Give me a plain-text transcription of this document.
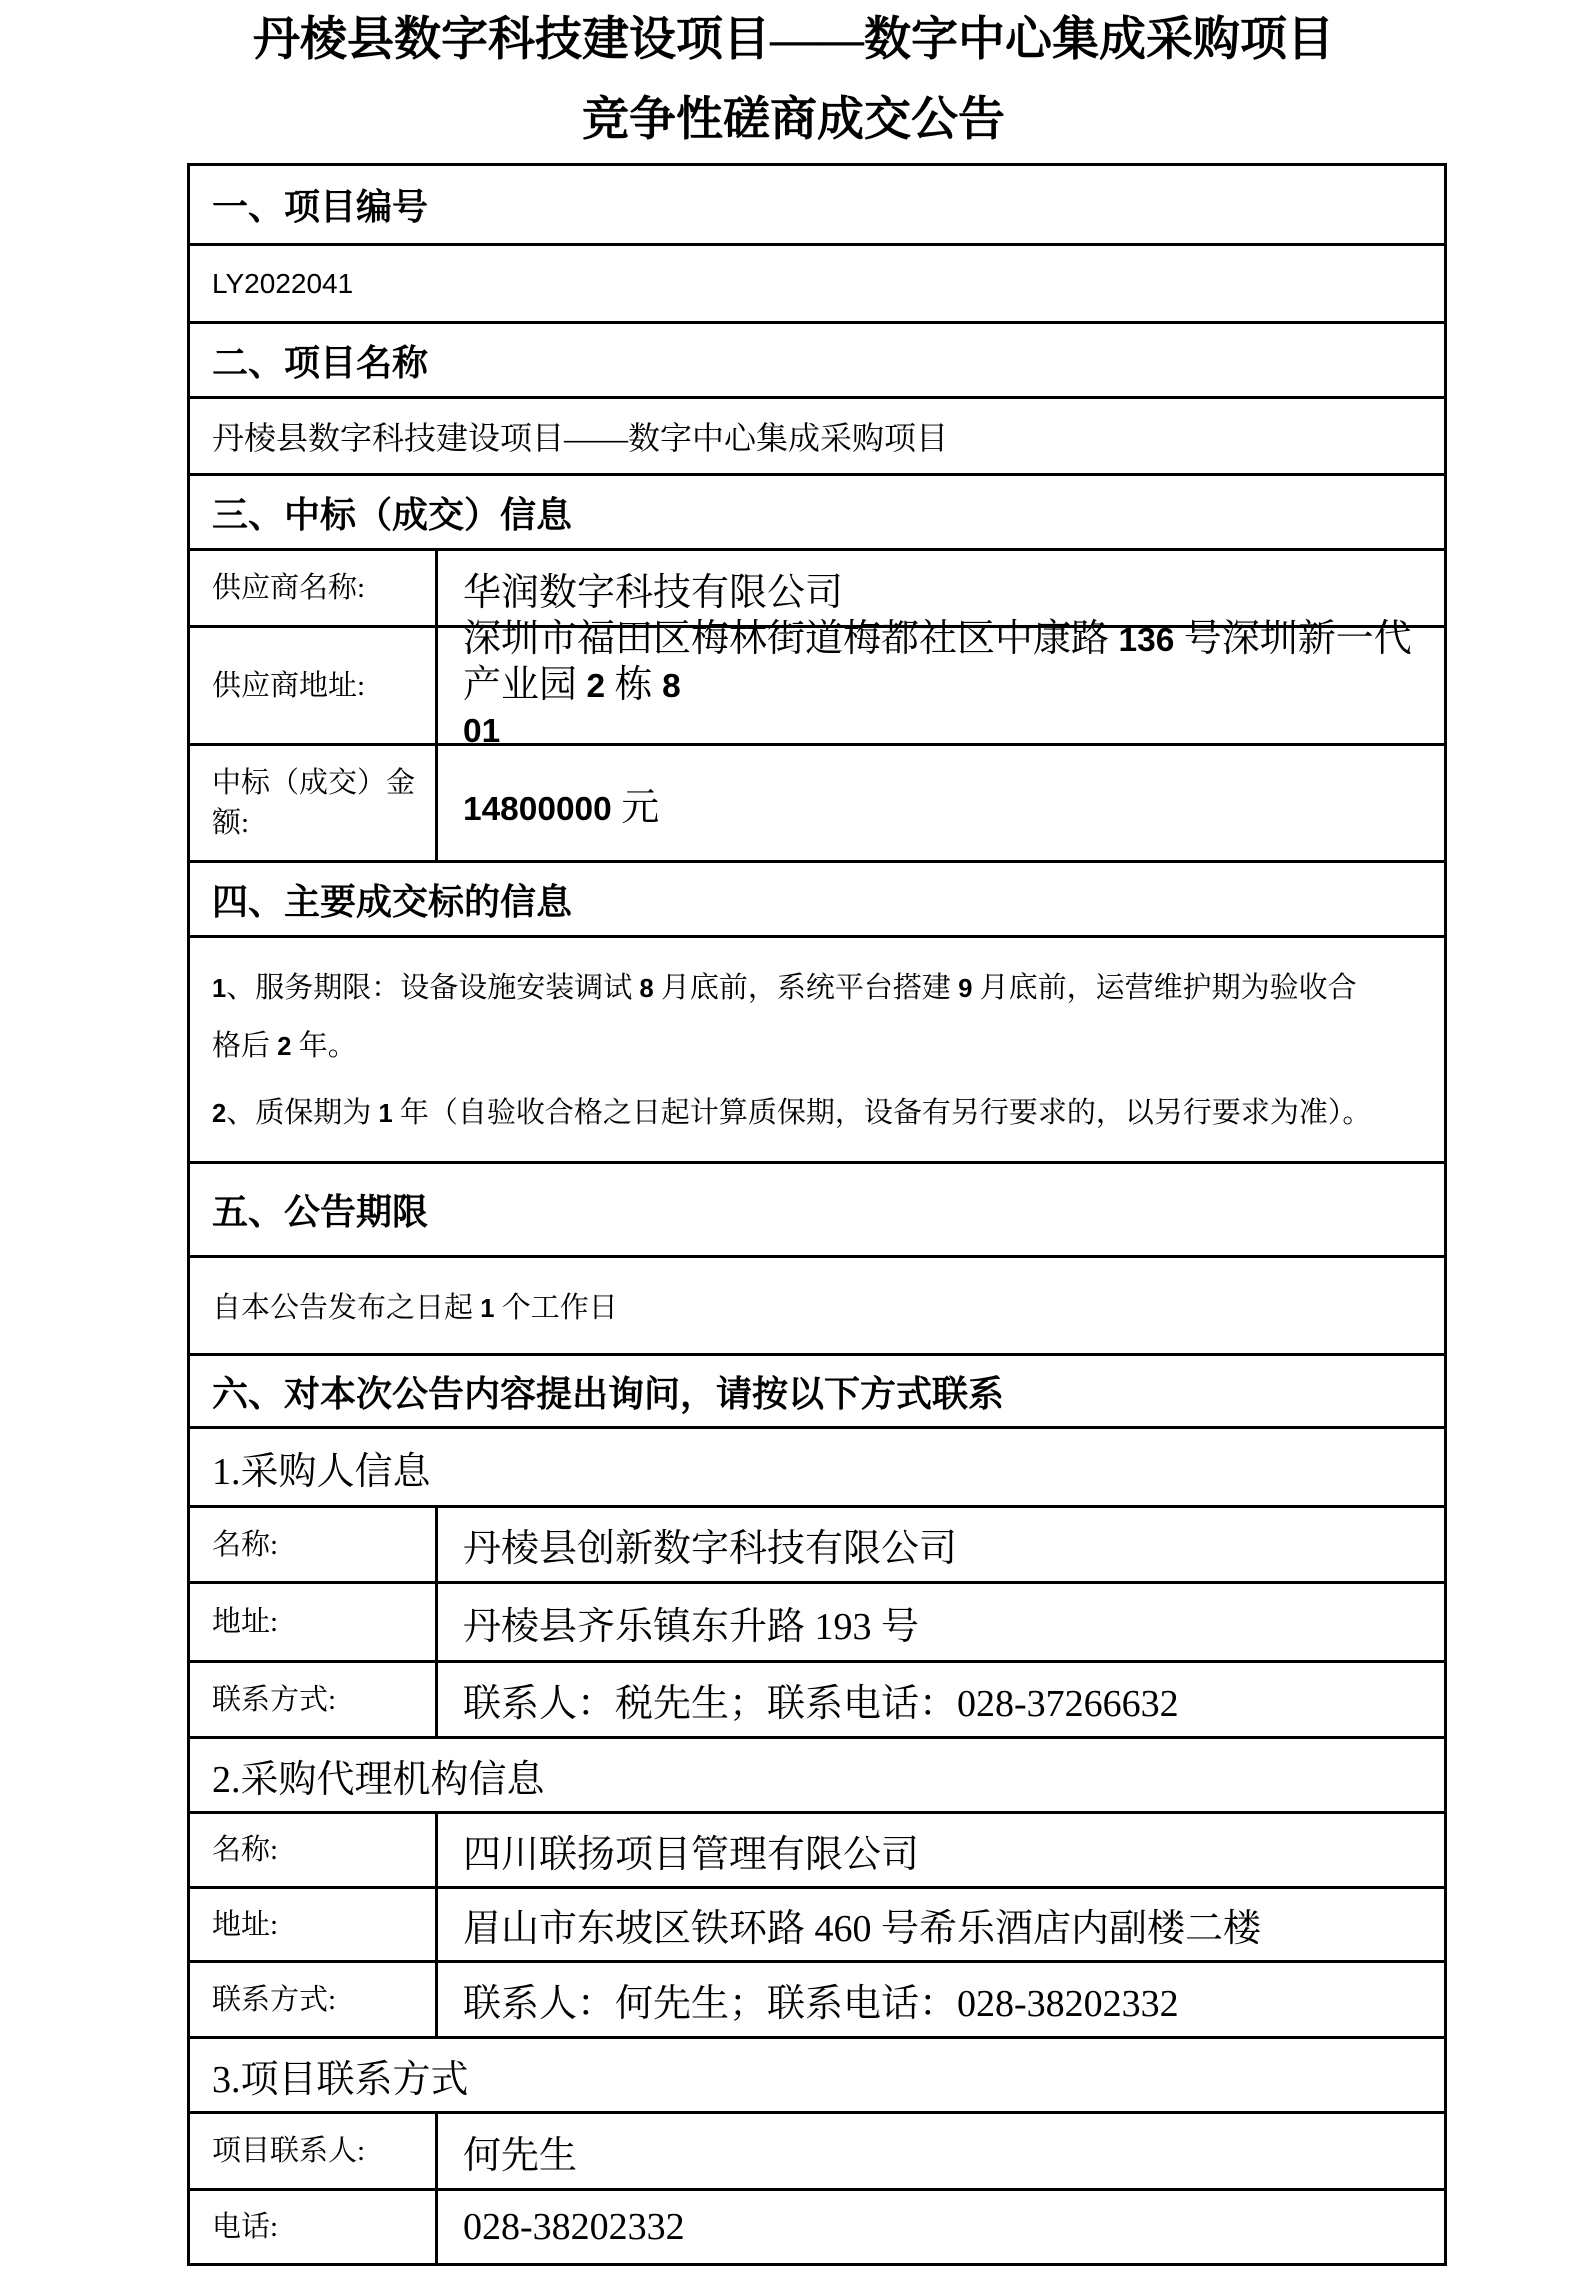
丹棱县数字科技建设项目——数字中心集成采购项目
竞争性磋商成交公告
一、项目编号
LY2022041
二、项目名称
丹棱县数字科技建设项目——数字中心集成采购项目
三、中标（成交）信息
供应商名称:	华润数字科技有限公司
供应商地址:
深圳市福田区梅林街道梅都社区中康路 136 号深圳新一代产业园 2 栋 8
01
中标（成交）金额:	14800000 元
四、主要成交标的信息

1、服务期限：设备设施安装调试 8 月底前，系统平台搭建 9 月底前，运营维护期为验收合格后 2 年。

2、质保期为 1 年（自验收合格之日起计算质保期，设备有另行要求的，以另行要求为准）。

五、公告期限
自本公告发布之日起 1 个工作日
六、对本次公告内容提出询问，请按以下方式联系
1.采购人信息
名称:	丹棱县创新数字科技有限公司
地址:	丹棱县齐乐镇东升路 193 号
联系方式:	联系人：税先生；联系电话：028-37266632
2.采购代理机构信息
名称:	四川联扬项目管理有限公司
地址:	眉山市东坡区铁环路 460 号希乐酒店内副楼二楼
联系方式:	联系人：何先生；联系电话：028-38202332
3.项目联系方式
项目联系人:	何先生
电话:	028-38202332
